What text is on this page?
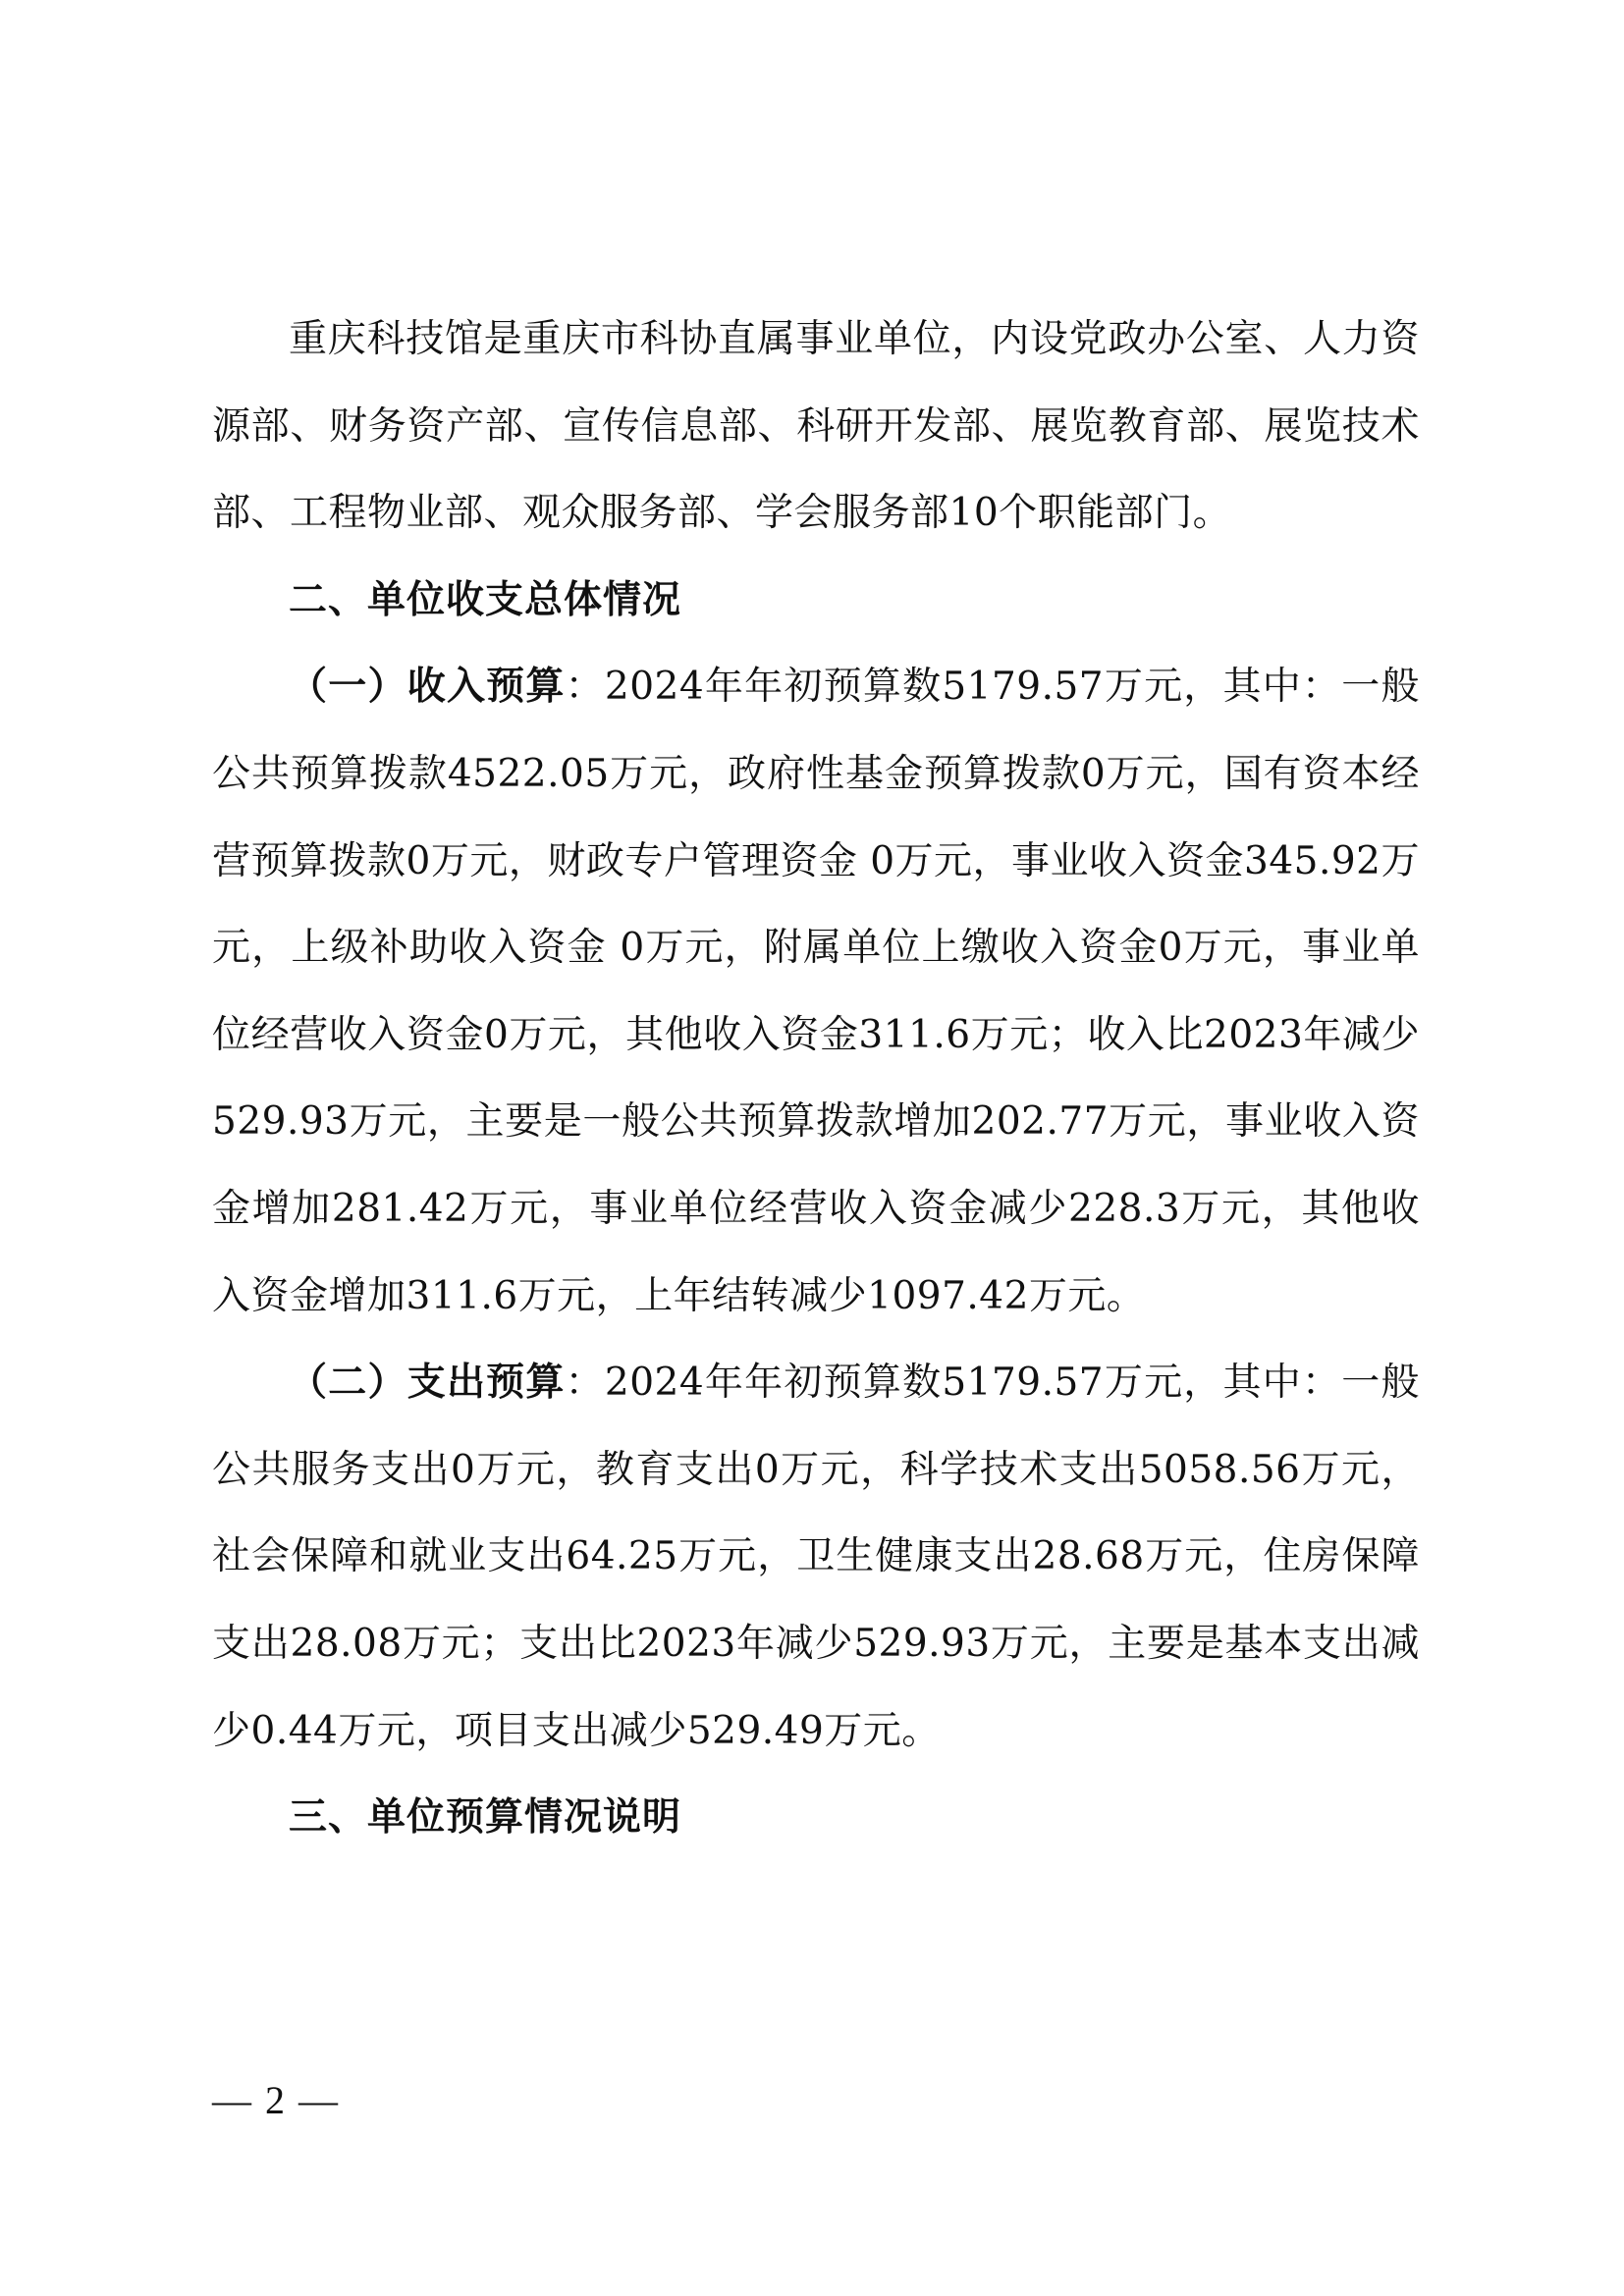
重庆科技馆是重庆市科协直属事业单位，内设党政办公室、人力资源部、财务资产部、宣传信息部、科研开发部、展览教育部、展览技术部、工程物业部、观众服务部、学会服务部10个职能部门。

二、单位收支总体情况

（一）收入预算：2024年年初预算数5179.57万元，其中：一般公共预算拨款4522.05万元，政府性基金预算拨款0万元，国有资本经营预算拨款0万元，财政专户管理资金 0万元，事业收入资金345.92万元，上级补助收入资金 0万元，附属单位上缴收入资金0万元，事业单位经营收入资金0万元，其他收入资金311.6万元；收入比2023年减少529.93万元，主要是一般公共预算拨款增加202.77万元，事业收入资金增加281.42万元，事业单位经营收入资金减少228.3万元，其他收入资金增加311.6万元，上年结转减少1097.42万元。

（二）支出预算：2024年年初预算数5179.57万元，其中：一般公共服务支出0万元，教育支出0万元，科学技术支出5058.56万元，社会保障和就业支出64.25万元，卫生健康支出28.68万元，住房保障支出28.08万元；支出比2023年减少529.93万元，主要是基本支出减少0.44万元，项目支出减少529.49万元。

三、单位预算情况说明

— 2 —
